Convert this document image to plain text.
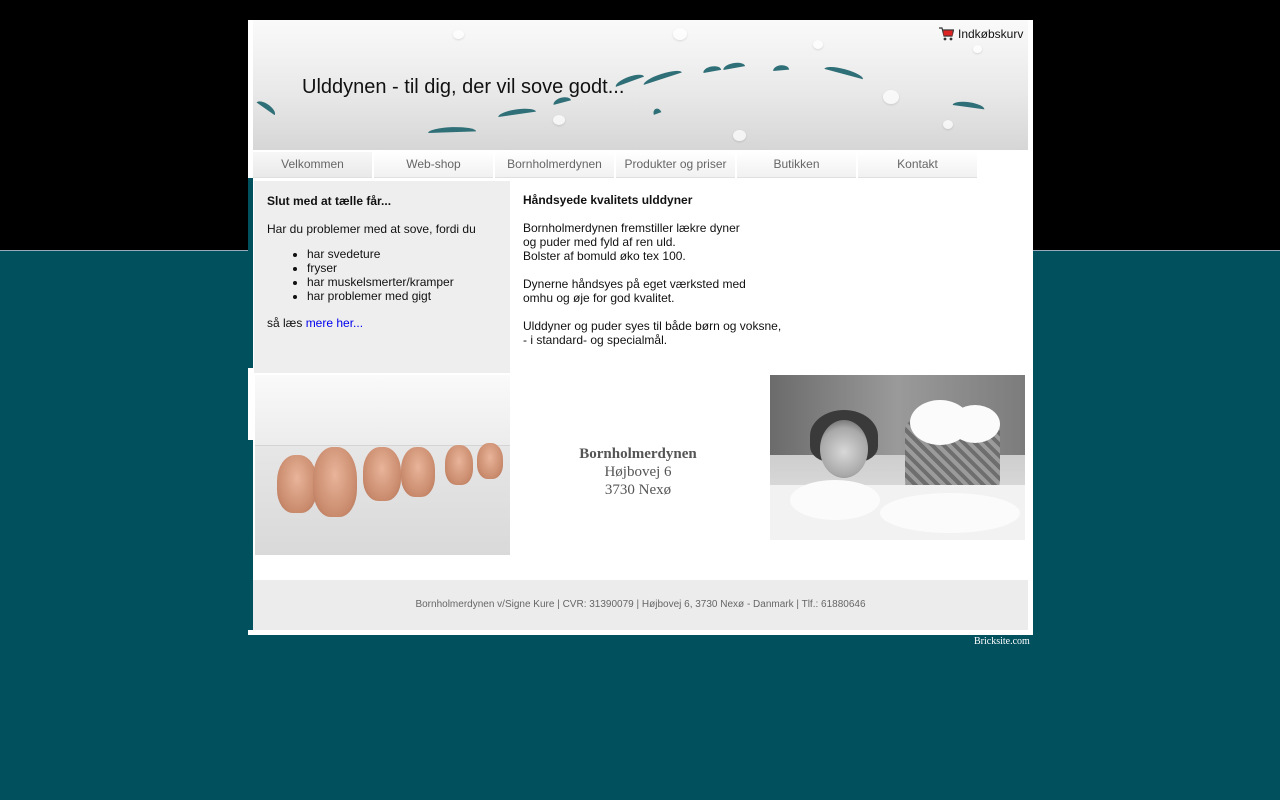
Ulddynen - til dig, der vil sove godt...
Indkøbskurv
Velkommen	Web-shop	Bornholmerdynen	Produkter og priser	Butikken	Kontakt
Slut med at tælle får...
Har du problemer med at sove, fordi du
• har svedeture
• fryser
• har muskelsmerter/kramper
• har problemer med gigt
så læs mere her...
Håndsyede kvalitets ulddyner

Bornholmerdynen fremstiller lækre dyner
og puder med fyld af ren uld.
Bolster af bomuld øko tex 100.

Dynerne håndsyes på eget værksted med
omhu og øje for god kvalitet.

Ulddyner og puder syes til både børn og voksne,
- i standard- og specialmål.

Bornholmerdynen
Højbovej 6
3730 Nexø
Bornholmerdynen v/Signe Kure | CVR: 31390079 | Højbovej 6, 3730 Nexø - Danmark | Tlf.: 61880646
Bricksite.com
